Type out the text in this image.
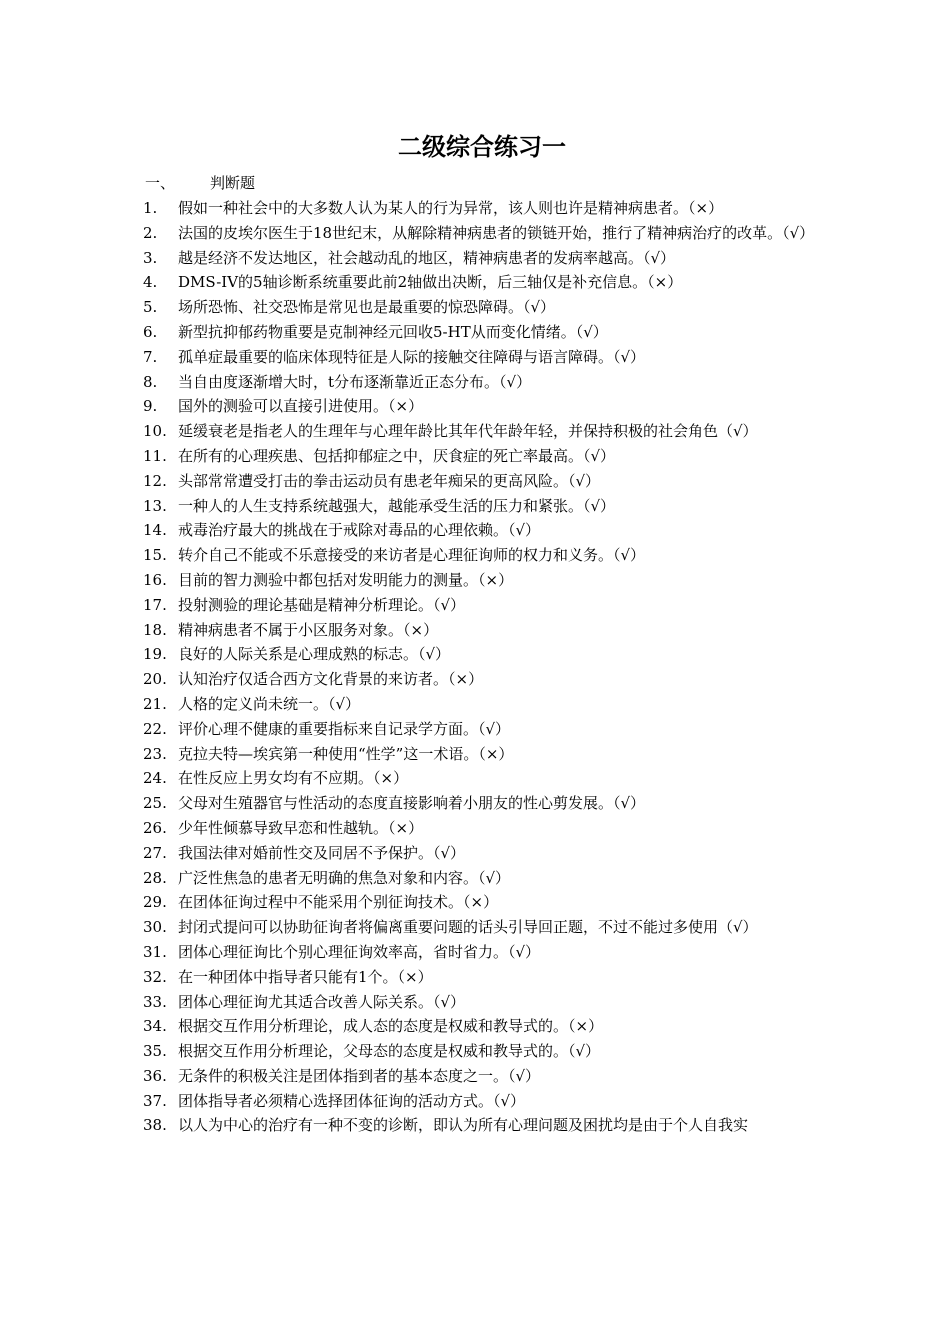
二级综合练习一
一、 判断题
1.	假如一种社会中的大多数人认为某人的行为异常，该人则也许是精神病患者。（×）
2.	法国的皮埃尔医生于18世纪末，从解除精神病患者的锁链开始，推行了精神病治疗的改革。（√）
3.	越是经济不发达地区，社会越动乱的地区，精神病患者的发病率越高。（√）
4.	DMS-IV的5轴诊断系统重要此前2轴做出决断，后三轴仅是补充信息。（×）
5.	场所恐怖、社交恐怖是常见也是最重要的惊恐障碍。（√）
6.	新型抗抑郁药物重要是克制神经元回收5-HT从而变化情绪。（√）
7.	孤单症最重要的临床体现特征是人际的接触交往障碍与语言障碍。（√）
8.	当自由度逐渐增大时，t分布逐渐靠近正态分布。（√）
9.	国外的测验可以直接引进使用。（×）
10. 延缓衰老是指老人的生理年与心理年龄比其年代年龄年轻，并保持积极的社会角色（√）
11. 在所有的心理疾患、包括抑郁症之中，厌食症的死亡率最高。（√）
12. 头部常常遭受打击的拳击运动员有患老年痴呆的更高风险。（√）
13. 一种人的人生支持系统越强大，越能承受生活的压力和紧张。（√）
14. 戒毒治疗最大的挑战在于戒除对毒品的心理依赖。（√）
15. 转介自己不能或不乐意接受的来访者是心理征询师的权力和义务。（√）
16. 目前的智力测验中都包括对发明能力的测量。（×）
17. 投射测验的理论基础是精神分析理论。（√）
18. 精神病患者不属于小区服务对象。（×）
19. 良好的人际关系是心理成熟的标志。（√）
20. 认知治疗仅适合西方文化背景的来访者。（×）
21. 人格的定义尚未统一。（√）
22. 评价心理不健康的重要指标来自记录学方面。（√）
23. 克拉夫特—埃宾第一种使用“性学”这一术语。（×）
24. 在性反应上男女均有不应期。（×）
25. 父母对生殖器官与性活动的态度直接影响着小朋友的性心剪发展。（√）
26. 少年性倾慕导致早恋和性越轨。（×）
27. 我国法律对婚前性交及同居不予保护。（√）
28. 广泛性焦急的患者无明确的焦急对象和内容。（√）
29. 在团体征询过程中不能采用个别征询技术。（×）
30. 封闭式提问可以协助征询者将偏离重要问题的话头引导回正题，不过不能过多使用（√）
31. 团体心理征询比个别心理征询效率高，省时省力。（√）
32. 在一种团体中指导者只能有1个。（×）
33. 团体心理征询尤其适合改善人际关系。（√）
34. 根据交互作用分析理论，成人态的态度是权威和教导式的。（×）
35. 根据交互作用分析理论，父母态的态度是权威和教导式的。（√）
36. 无条件的积极关注是团体指到者的基本态度之一。（√）
37. 团体指导者必须精心选择团体征询的活动方式。（√）
38. 以人为中心的治疗有一种不变的诊断，即认为所有心理问题及困扰均是由于个人自我实
